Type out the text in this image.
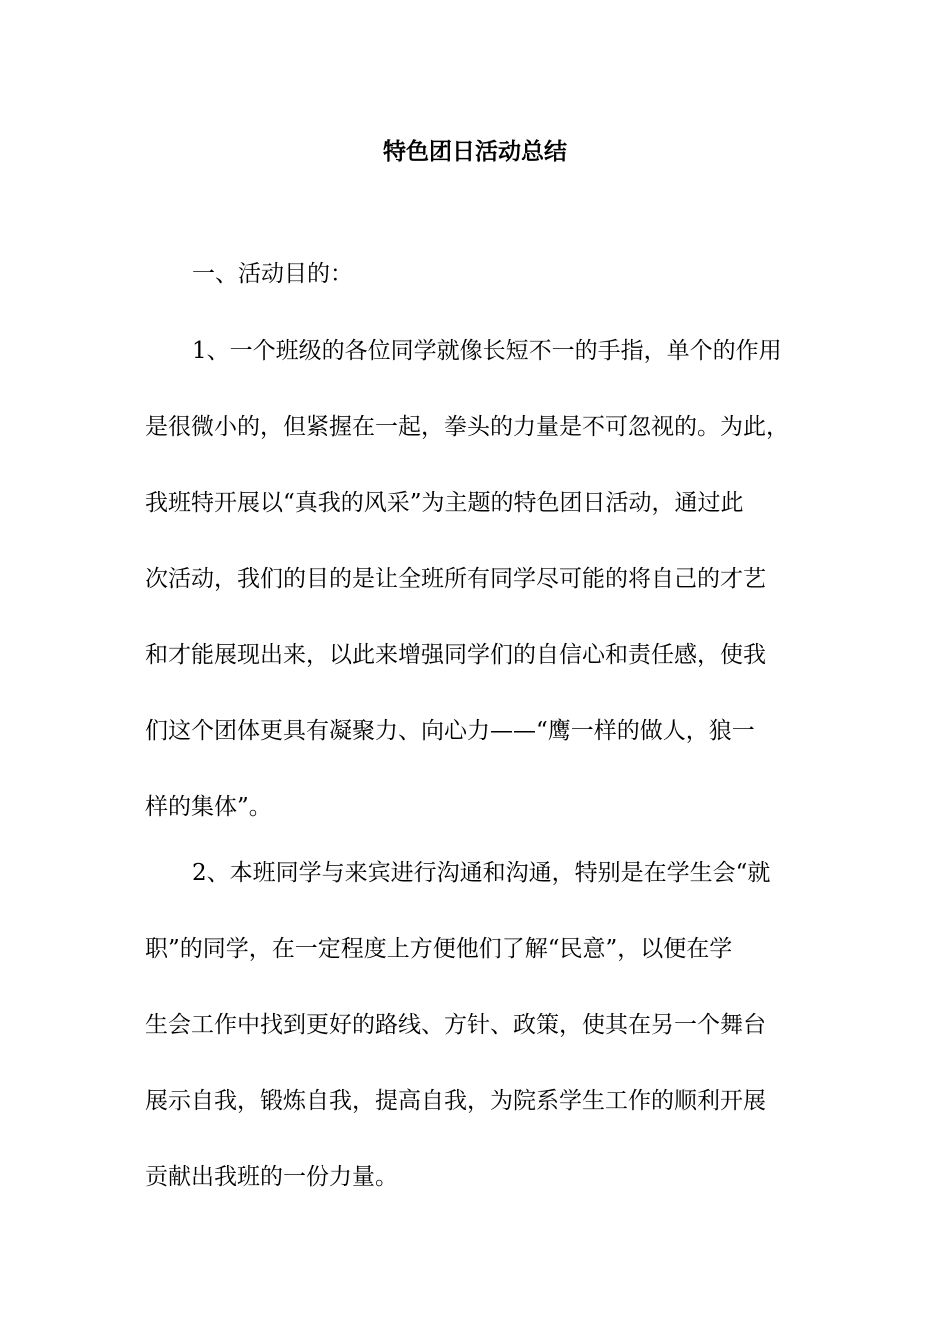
特色团日活动总结

一、活动目的：

1、一个班级的各位同学就像长短不一的手指，单个的作用

是很微小的，但紧握在一起，拳头的力量是不可忽视的。为此，

我班特开展以“真我的风采”为主题的特色团日活动，通过此

次活动，我们的目的是让全班所有同学尽可能的将自己的才艺

和才能展现出来，以此来增强同学们的自信心和责任感，使我

们这个团体更具有凝聚力、向心力——“鹰一样的做人，狼一

样的集体”。

2、本班同学与来宾进行沟通和沟通，特别是在学生会“就

职”的同学，在一定程度上方便他们了解“民意”，以便在学

生会工作中找到更好的路线、方针、政策，使其在另一个舞台

展示自我，锻炼自我，提高自我，为院系学生工作的顺利开展

贡献出我班的一份力量。
